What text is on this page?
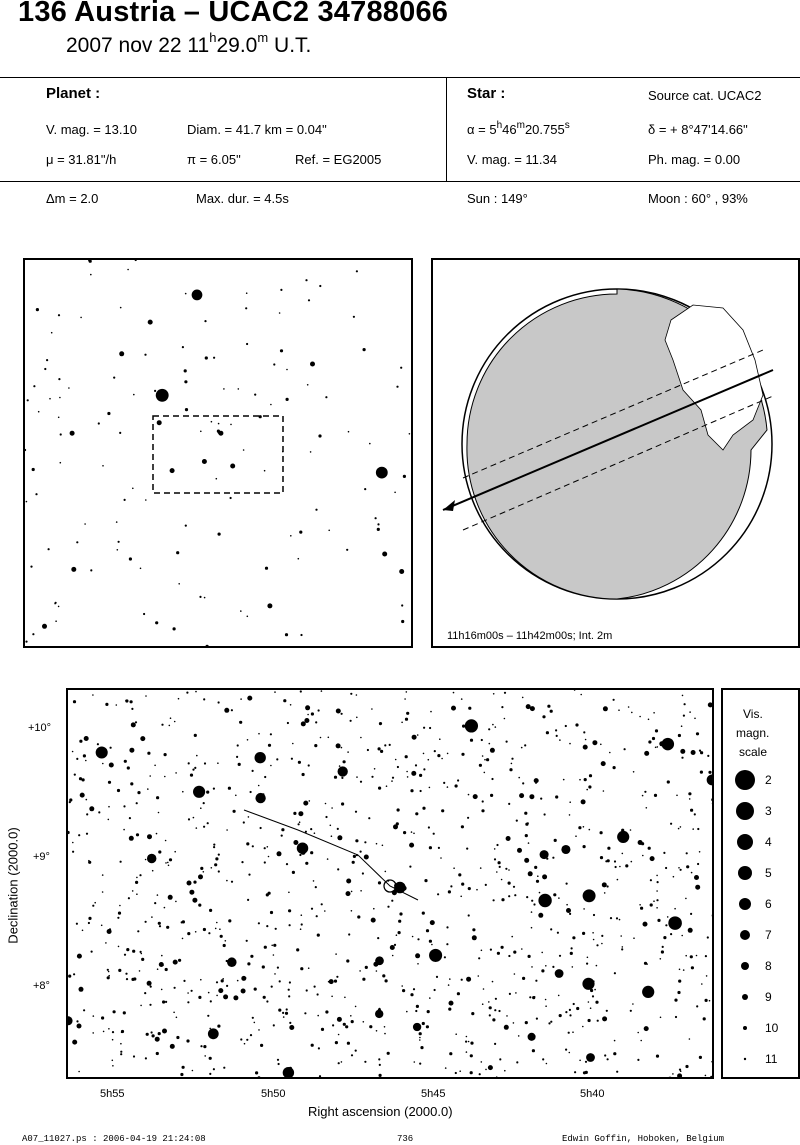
136 Austria – UCAC2 34788066
2007 nov 22 11$^h$29.0$^m$ U.T.
Planet :
V. mag. = 13.10	Diam. = 41.7 km = 0.04"
μ = 31.81"/h	π = 6.05"	Ref. = EG2005
Δm = 2.0	Max. dur. = 4.5s
Star :	Source cat. UCAC2
$\alpha = 5^h46^m20.755^s$	δ = + 8°47'14.66"
V. mag. = 11.34	Ph. mag. = 0.00
Sun : 149°	Moon : 60° , 93%
11h16m00s – 11h42m00s; Int. 2m
+10°
+9°
+8°
5h55	5h50	5h45	5h40
Right ascension (2000.0)
Declination (2000.0)
Vis.
magn.
scale
2
3
4
5
6
7
8
9
10
11
A07_11027.ps : 2006-04-19 21:24:08	736	Edwin Goffin, Hoboken, Belgium
